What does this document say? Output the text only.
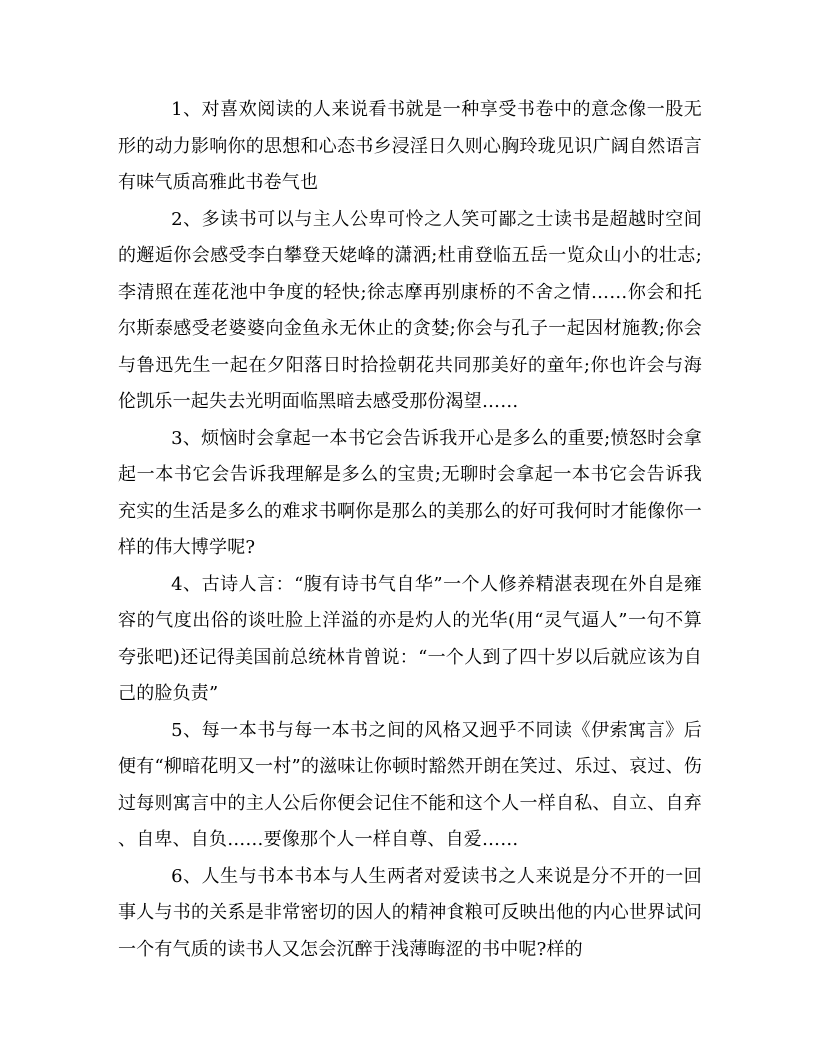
1、对喜欢阅读的人来说看书就是一种享受书卷中的意念像一股无形的动力影响你的思想和心态书乡浸淫日久则心胸玲珑见识广阔自然语言有味气质高雅此书卷气也

2、多读书可以与主人公卑可怜之人笑可鄙之士读书是超越时空间的邂逅你会感受李白攀登天姥峰的潇洒;杜甫登临五岳一览众山小的壮志;李清照在莲花池中争度的轻快;徐志摩再别康桥的不舍之情……你会和托尔斯泰感受老婆婆向金鱼永无休止的贪婪;你会与孔子一起因材施教;你会与鲁迅先生一起在夕阳落日时拾捡朝花共同那美好的童年;你也许会与海伦凯乐一起失去光明面临黑暗去感受那份渴望……

3、烦恼时会拿起一本书它会告诉我开心是多么的重要;愤怒时会拿起一本书它会告诉我理解是多么的宝贵;无聊时会拿起一本书它会告诉我充实的生活是多么的难求书啊你是那么的美那么的好可我何时才能像你一样的伟大博学呢?

4、古诗人言：“腹有诗书气自华”一个人修养精湛表现在外自是雍容的气度出俗的谈吐脸上洋溢的亦是灼人的光华(用“灵气逼人”一句不算夸张吧)还记得美国前总统林肯曾说：“一个人到了四十岁以后就应该为自己的脸负责”

5、每一本书与每一本书之间的风格又迥乎不同读《伊索寓言》后便有“柳暗花明又一村”的滋味让你顿时豁然开朗在笑过、乐过、哀过、伤过每则寓言中的主人公后你便会记住不能和这个人一样自私、自立、自弃、自卑、自负……要像那个人一样自尊、自爱……

6、人生与书本书本与人生两者对爱读书之人来说是分不开的一回事人与书的关系是非常密切的因人的精神食粮可反映出他的内心世界试问一个有气质的读书人又怎会沉醉于浅薄晦涩的书中呢?样的
